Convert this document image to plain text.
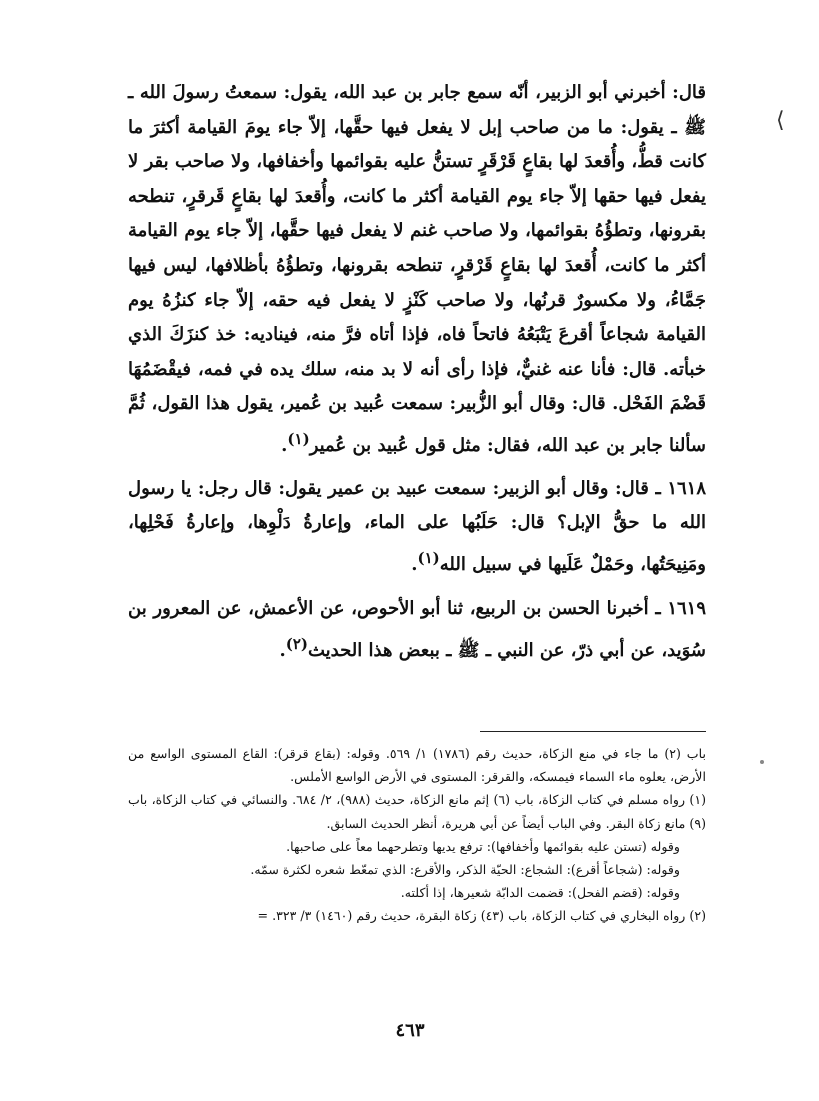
⟨

قال: أخبرني أبو الزبير، أنّه سمع جابر بن عبد الله، يقول: سمعتُ رسولَ الله ـ ﷺ ـ يقول: ما من صاحب إبل لا يفعل فيها حقَّها، إلاّ جاء يومَ القيامة أكثرَ ما كانت قطُّ، وأُقعدَ لها بقاعٍ قَرْقَرٍ تستنُّ عليه بقوائمها وأخفافها، ولا صاحب بقر لا يفعل فيها حقها إلاّ جاء يوم القيامة أكثر ما كانت، وأُقعدَ لها بقاعٍ قَرقرٍ، تنطحه بقرونها، وتطؤُهُ بقوائمها، ولا صاحب غنم لا يفعل فيها حقَّها، إلاّ جاء يوم القيامة أكثر ما كانت، أُقعدَ لها بقاعٍ قَرْقرٍ، تنطحه بقرونها، وتطؤُهُ بأظلافها، ليس فيها جَمَّاءُ، ولا مكسورٌ قرنُها، ولا صاحب كَنْزٍ لا يفعل فيه حقه، إلاّ جاء كنزُهُ يوم القيامة شجاعاً أقرعَ يَتْبَعُهُ فاتحاً فاه، فإذا أتاه فرَّ منه، فيناديه: خذ كنزَكَ الذي خبأته. قال: فأنا عنه غنيٌّ، فإذا رأى أنه لا بد منه، سلك يده في فمه، فيقْضَمُهَا قَضْمَ الفَحْل. قال: وقال أبو الزُّبير: سمعت عُبيد بن عُمير، يقول هذا القول، ثُمَّ سألنا جابر بن عبد الله، فقال: مثل قول عُبيد بن عُمير$^{(١)}$.

١٦١٨ ـ قال: وقال أبو الزبير: سمعت عبيد بن عمير يقول: قال رجل: يا رسول الله ما حقُّ الإبل؟ قال: حَلَبُها على الماء، وإعارةُ دَلْوِها، وإعارةُ فَحْلِها، ومَنِيحَتُها، وحَمْلٌ عَلَيها في سبيل الله$^{(١)}$.

١٦١٩ ـ أخبرنا الحسن بن الربيع، ثنا أبو الأحوص، عن الأعمش، عن المعرور بن سُوَيد، عن أبي ذرّ، عن النبي ـ ﷺ ـ ببعض هذا الحديث$^{(٢)}$.

باب (٢) ما جاء في منع الزكاة، حديث رقم (١٧٨٦) ١/ ٥٦٩. وقوله: (بقاع قرقر): القاع المستوى الواسع من الأرض، يعلوه ماء السماء فيمسكه، والقرقر: المستوى في الأرض الواسع الأملس.

(١) رواه مسلم في كتاب الزكاة، باب (٦) إثم مانع الزكاة، حديث (٩٨٨)، ٢/ ٦٨٤. والنسائي في كتاب الزكاة، باب (٩) مانع زكاة البقر. وفي الباب أيضاً عن أبي هريرة، أنظر الحديث السابق.

وقوله (تستن عليه بقوائمها وأخفافها): ترفع يديها وتطرحهما معاً على صاحبها.

وقوله: (شجاعاً أقرع): الشجاع: الحيّة الذكر، والأقرع: الذي تمعّط شعره لكثرة سمّه.

وقوله: (قضم الفحل): قضمت الدابّة شعيرها، إذا أكلته.

(٢) رواه البخاري في كتاب الزكاة، باب (٤٣) زكاة البقرة، حديث رقم (١٤٦٠) ٣/ ٣٢٣. =

٤٦٣
